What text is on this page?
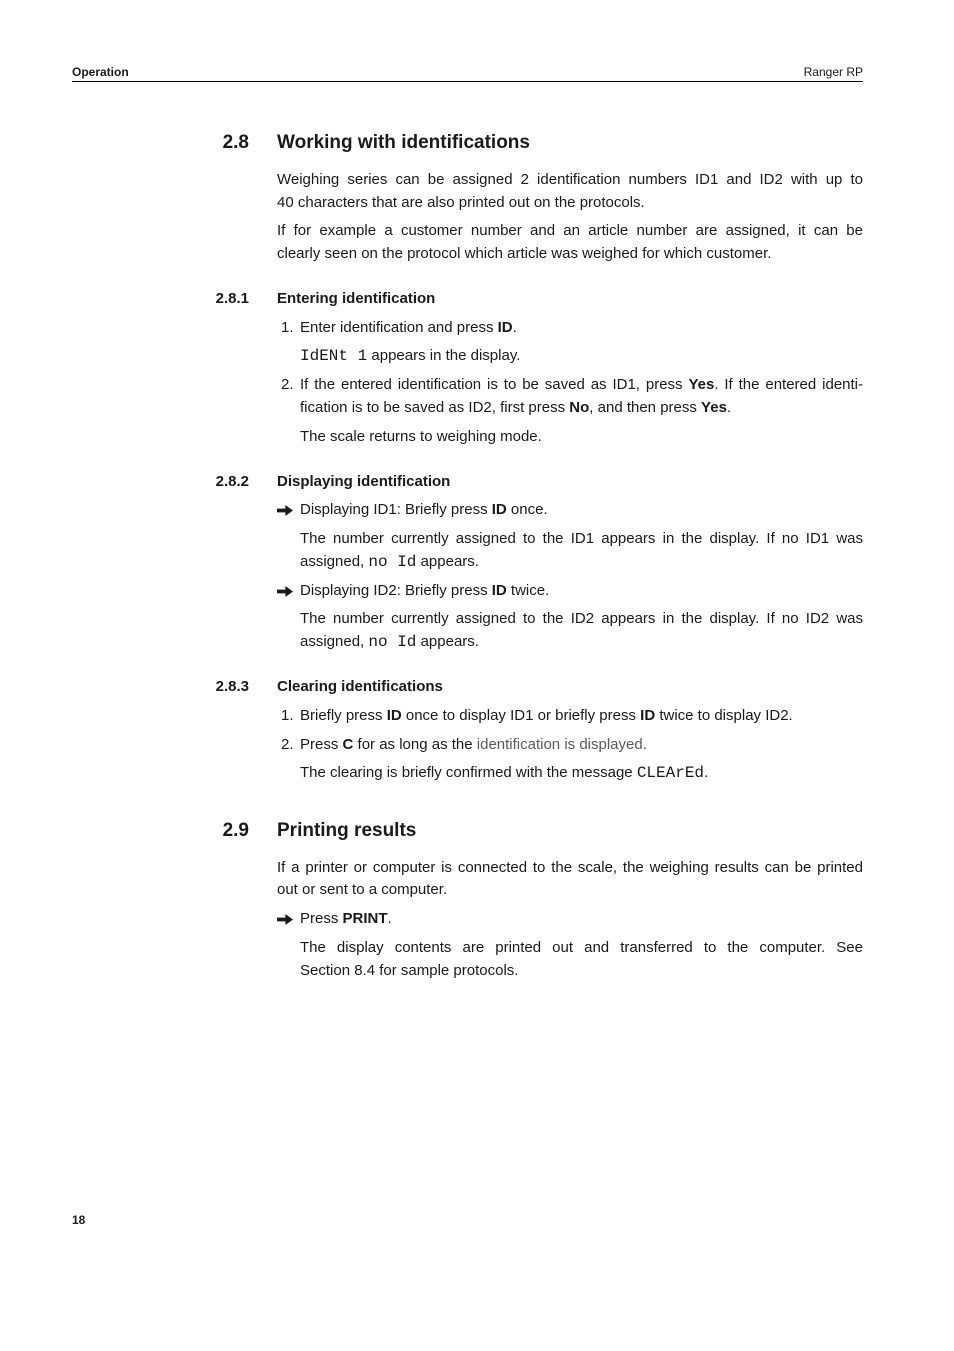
Operation	Ranger RP
2.8 Working with identifications
Weighing series can be assigned 2 identification numbers ID1 and ID2 with up to
40 characters that are also printed out on the protocols.
If for example a customer number and an article number are assigned, it can be
clearly seen on the protocol which article was weighed for which customer.
2.8.1 Entering identification
1. Enter identification and press ID.
IdENt 1 appears in the display.
2. If the entered identification is to be saved as ID1, press Yes. If the entered identi-
fication is to be saved as ID2, first press No, and then press Yes.
The scale returns to weighing mode.
2.8.2 Displaying identification
Displaying ID1: Briefly press ID once.
The number currently assigned to the ID1 appears in the display. If no ID1 was
assigned, no Id appears.
Displaying ID2: Briefly press ID twice.
The number currently assigned to the ID2 appears in the display. If no ID2 was
assigned, no Id appears.
2.8.3 Clearing identifications
1. Briefly press ID once to display ID1 or briefly press ID twice to display ID2.
2. Press C for as long as the identification is displayed.
The clearing is briefly confirmed with the message CLEArEd.
2.9 Printing results
If a printer or computer is connected to the scale, the weighing results can be printed
out or sent to a computer.
Press PRINT.
The display contents are printed out and transferred to the computer. See
Section 8.4 for sample protocols.
18
